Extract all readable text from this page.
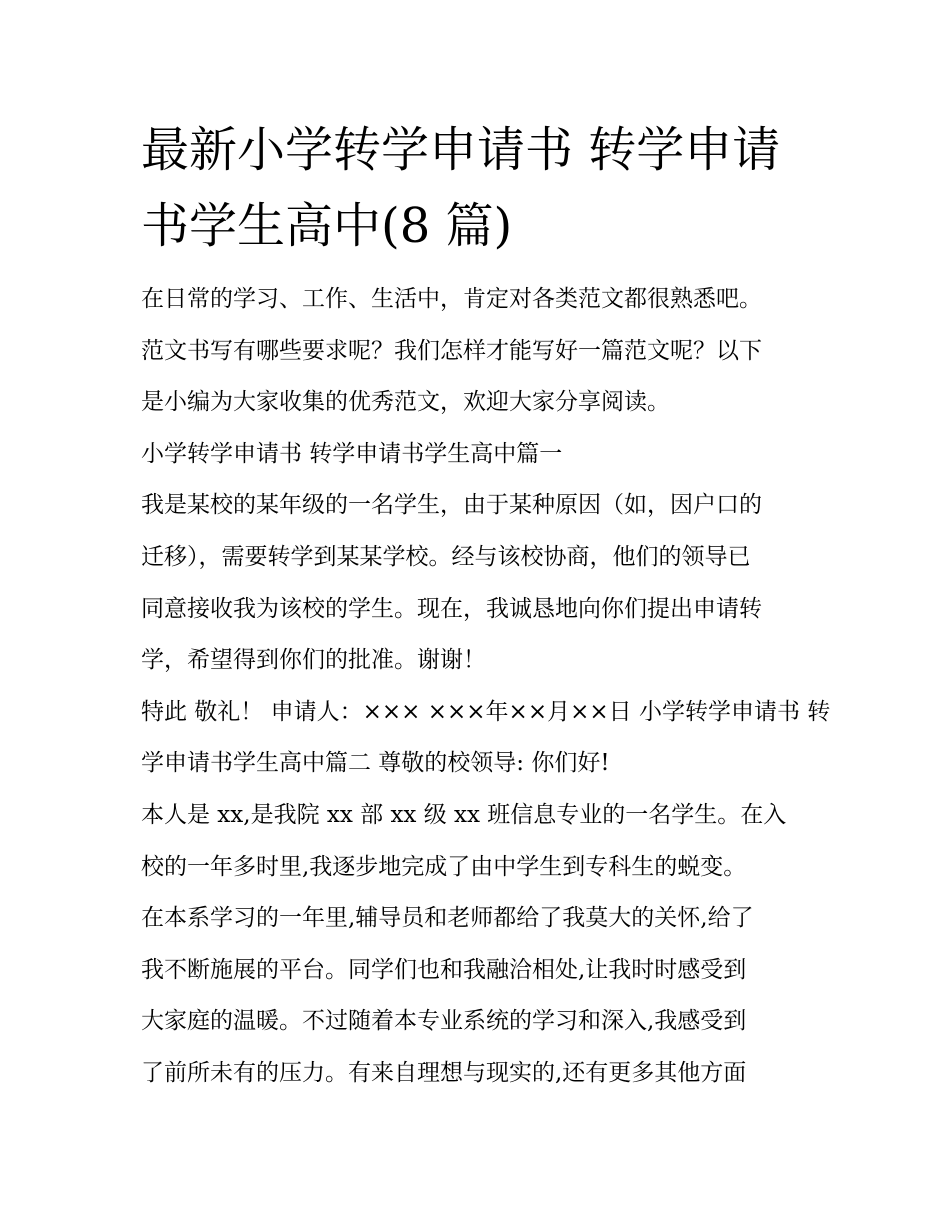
最新小学转学申请书 转学申请
书学生高中(8 篇)
在日常的学习、工作、生活中，肯定对各类范文都很熟悉吧。
范文书写有哪些要求呢？我们怎样才能写好一篇范文呢？以下
是小编为大家收集的优秀范文，欢迎大家分享阅读。
小学转学申请书 转学申请书学生高中篇一
我是某校的某年级的一名学生，由于某种原因（如，因户口的
迁移），需要转学到某某学校。经与该校协商，他们的领导已
同意接收我为该校的学生。现在，我诚恳地向你们提出申请转
学，希望得到你们的批准。谢谢！
特此 敬礼！ 申请人：××× ×××年××月××日 小学转学申请书 转
学申请书学生高中篇二 尊敬的校领导: 你们好!
本人是 xx,是我院 xx 部 xx 级 xx 班信息专业的一名学生。在入
校的一年多时里,我逐步地完成了由中学生到专科生的蜕变。
在本系学习的一年里,辅导员和老师都给了我莫大的关怀,给了
我不断施展的平台。同学们也和我融洽相处,让我时时感受到
大家庭的温暖。不过随着本专业系统的学习和深入,我感受到
了前所未有的压力。有来自理想与现实的,还有更多其他方面
